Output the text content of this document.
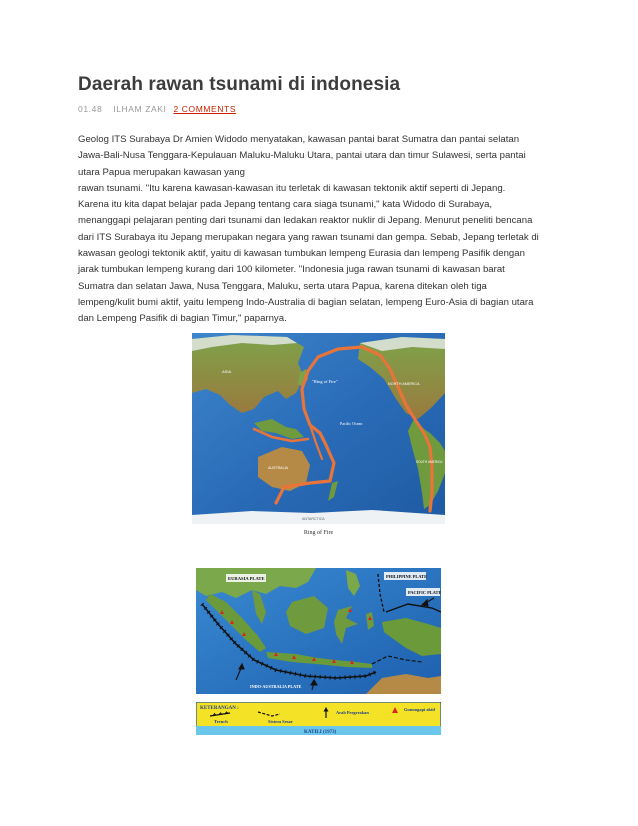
Daerah rawan tsunami di indonesia
01.48 ILHAM ZAKI 2 COMMENTS
Geolog ITS Surabaya Dr Amien Widodo menyatakan, kawasan pantai barat Sumatra dan pantai selatan
Jawa-Bali-Nusa Tenggara-Kepulauan Maluku-Maluku Utara, pantai utara dan timur Sulawesi, serta pantai
utara Papua merupakan kawasan yang
rawan tsunami. "Itu karena kawasan-kawasan itu terletak di kawasan tektonik aktif seperti di Jepang.
Karena itu kita dapat belajar pada Jepang tentang cara siaga tsunami," kata Widodo di Surabaya,
menanggapi pelajaran penting dari tsunami dan ledakan reaktor nuklir di Jepang. Menurut peneliti bencana
dari ITS Surabaya itu Jepang merupakan negara yang rawan tsunami dan gempa. Sebab, Jepang terletak di
kawasan geologi tektonik aktif, yaitu di kawasan tumbukan lempeng Eurasia dan lempeng Pasifik dengan
jarak tumbukan lempeng kurang dari 100 kilometer. "Indonesia juga rawan tsunami di kawasan barat
Sumatra dan selatan Jawa, Nusa Tenggara, Maluku, serta utara Papua, karena ditekan oleh tiga
lempeng/kulit bumi aktif, yaitu lempeng Indo-Australia di bagian selatan, lempeng Euro-Asia di bagian utara
dan Lempeng Pasifik di bagian Timur," paparnya.
"Ring of Fire"
ASIA
NORTH AMERICA
Pacific Ocean
AUSTRALIA
SOUTH AMERICA
ANTARCTICA
Ring of Fire
EURASIA PLATE	PHILIPPINE PLATE
PACIFIC PLATE
INDO-AUSTRALIA PLATE
KETERANGAN :
Trench	Sistem Sesar
Arah Pergerakan
Gunungapi aktif
KATILI (1973)
